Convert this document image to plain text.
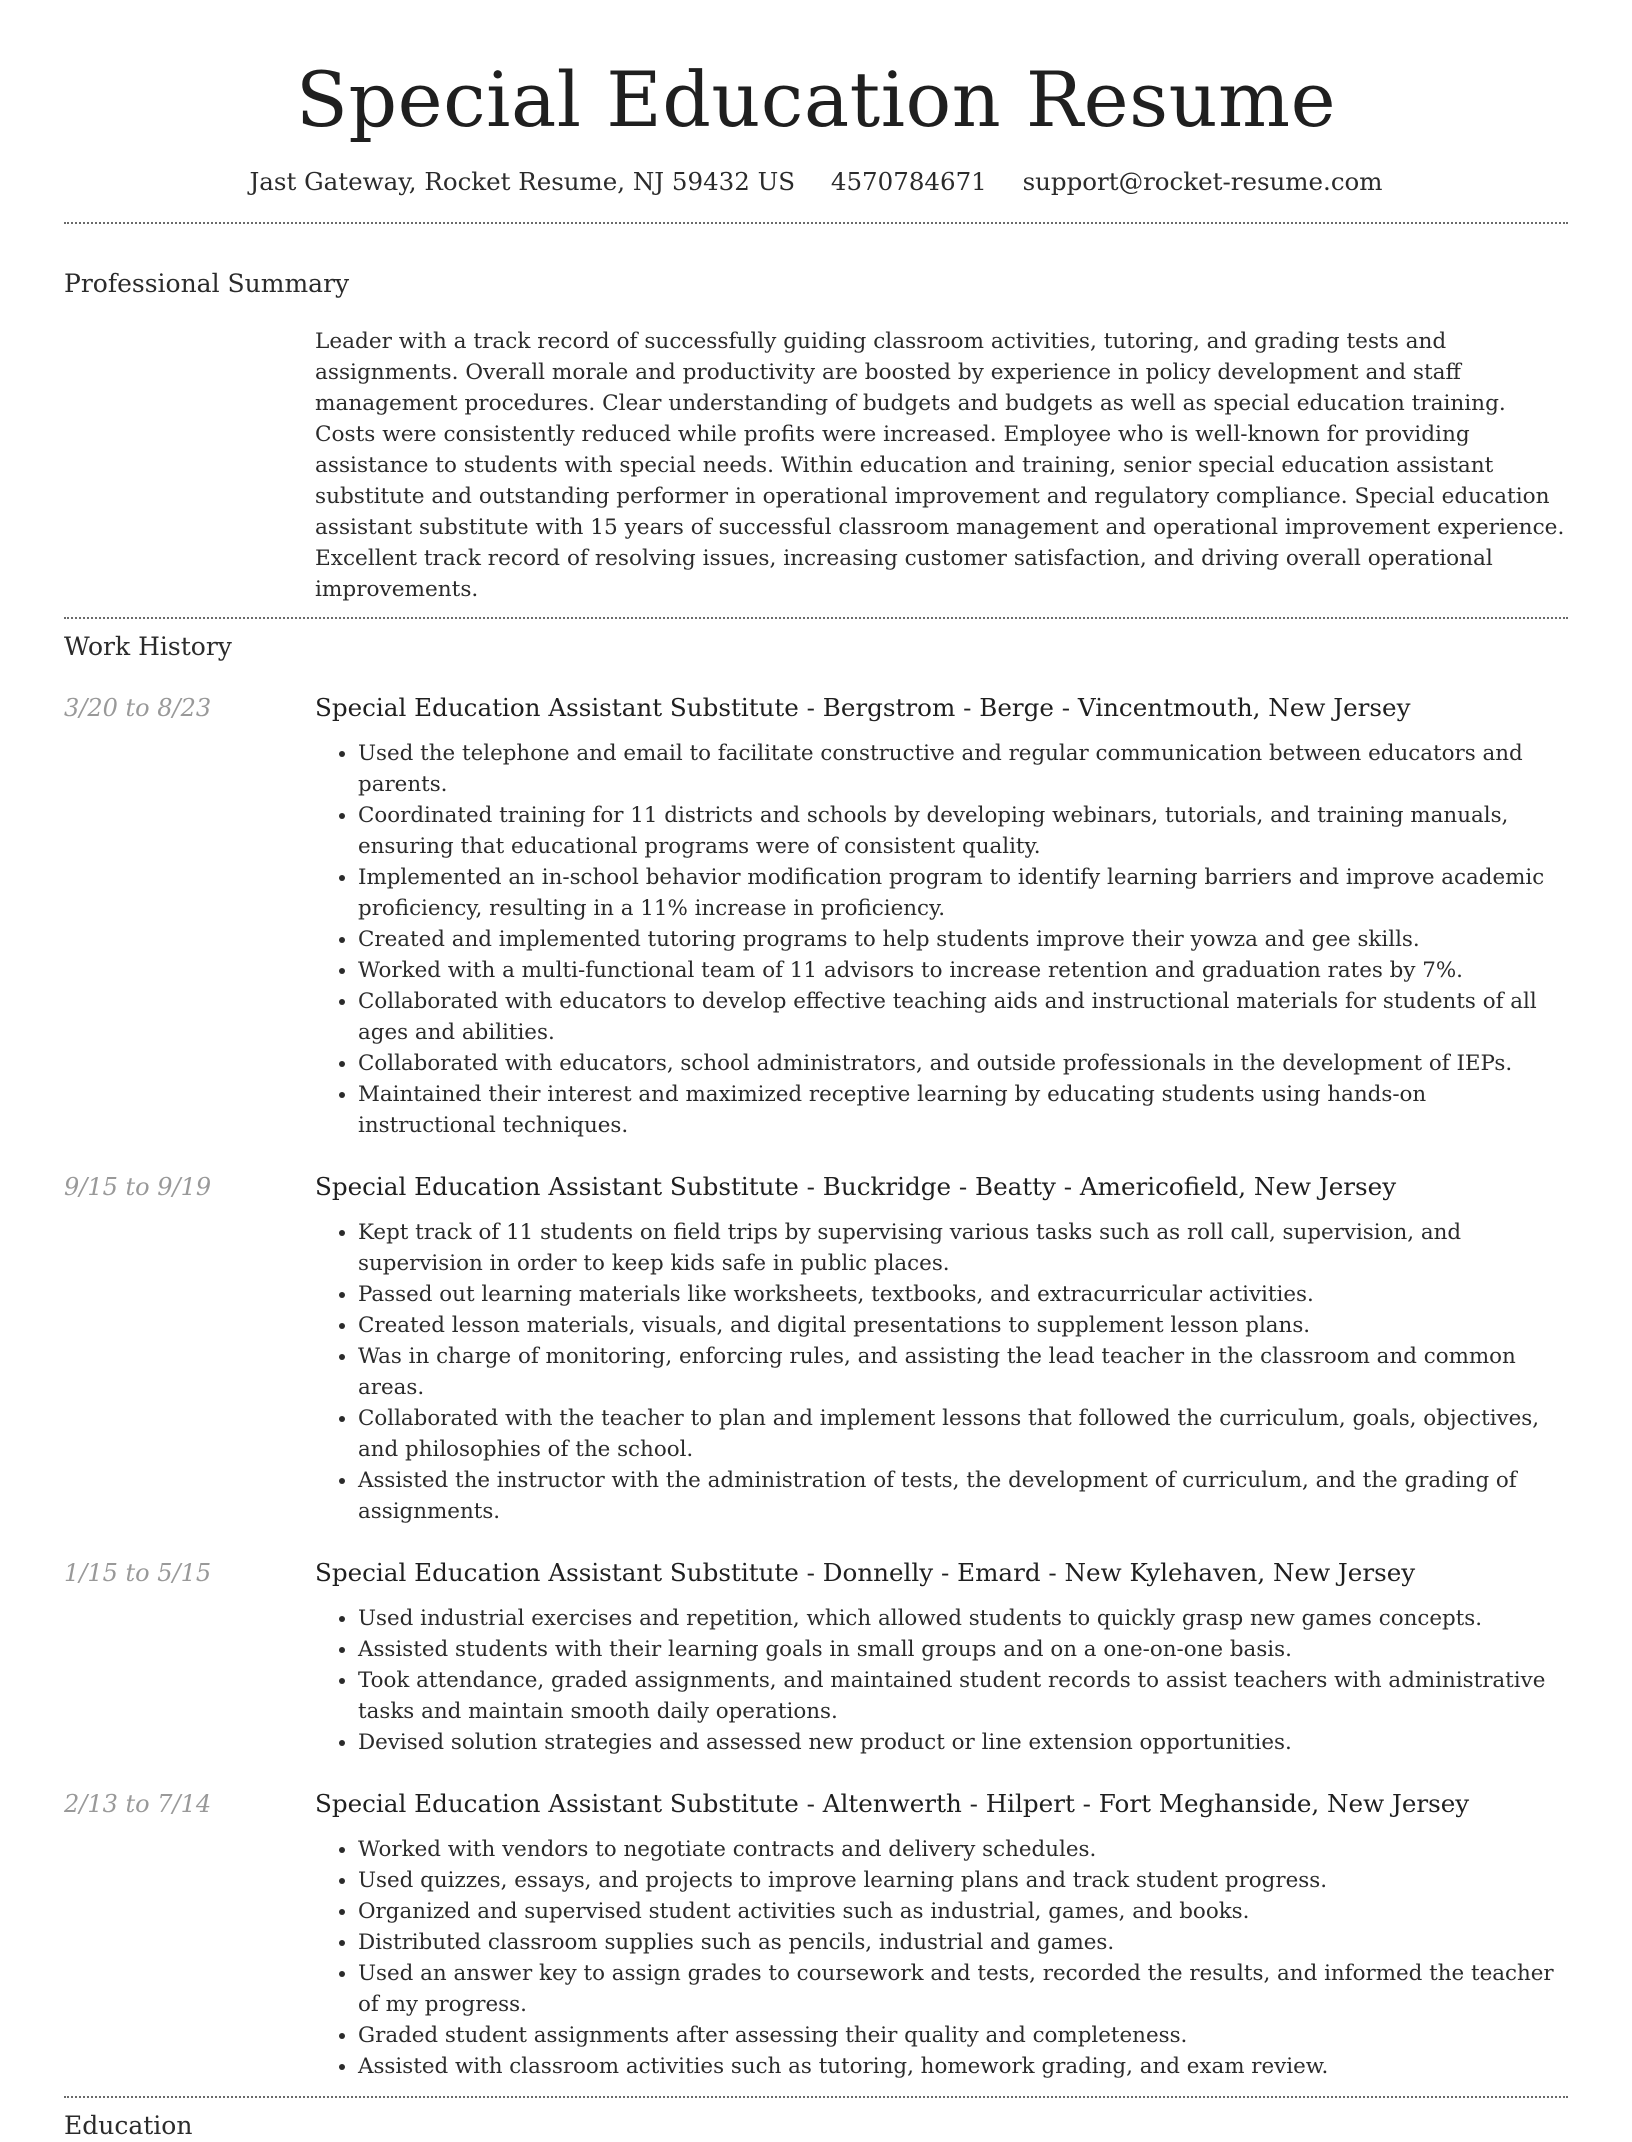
Special Education Resume
Jast Gateway, Rocket Resume, NJ 59432 US 4570784671 support@rocket-resume.com
Professional Summary
Leader with a track record of successfully guiding classroom activities, tutoring, and grading tests and assignments. Overall morale and productivity are boosted by experience in policy development and staff management procedures. Clear understanding of budgets and budgets as well as special education training. Costs were consistently reduced while profits were increased. Employee who is well-known for providing assistance to students with special needs. Within education and training, senior special education assistant substitute and outstanding performer in operational improvement and regulatory compliance. Special education assistant substitute with 15 years of successful classroom management and operational improvement experience. Excellent track record of resolving issues, increasing customer satisfaction, and driving overall operational improvements.
Work History
3/20 to 8/23	Special Education Assistant Substitute - Bergstrom - Berge - Vincentmouth, New Jersey
• Used the telephone and email to facilitate constructive and regular communication between educators and parents.
• Coordinated training for 11 districts and schools by developing webinars, tutorials, and training manuals, ensuring that educational programs were of consistent quality.
• Implemented an in-school behavior modification program to identify learning barriers and improve academic proficiency, resulting in a 11% increase in proficiency.
• Created and implemented tutoring programs to help students improve their yowza and gee skills.
• Worked with a multi-functional team of 11 advisors to increase retention and graduation rates by 7%.
• Collaborated with educators to develop effective teaching aids and instructional materials for students of all ages and abilities.
• Collaborated with educators, school administrators, and outside professionals in the development of IEPs.
• Maintained their interest and maximized receptive learning by educating students using hands-on instructional techniques.
9/15 to 9/19	Special Education Assistant Substitute - Buckridge - Beatty - Americofield, New Jersey
• Kept track of 11 students on field trips by supervising various tasks such as roll call, supervision, and supervision in order to keep kids safe in public places.
• Passed out learning materials like worksheets, textbooks, and extracurricular activities.
• Created lesson materials, visuals, and digital presentations to supplement lesson plans.
• Was in charge of monitoring, enforcing rules, and assisting the lead teacher in the classroom and common areas.
• Collaborated with the teacher to plan and implement lessons that followed the curriculum, goals, objectives, and philosophies of the school.
• Assisted the instructor with the administration of tests, the development of curriculum, and the grading of assignments.
1/15 to 5/15	Special Education Assistant Substitute - Donnelly - Emard - New Kylehaven, New Jersey
• Used industrial exercises and repetition, which allowed students to quickly grasp new games concepts.
• Assisted students with their learning goals in small groups and on a one-on-one basis.
• Took attendance, graded assignments, and maintained student records to assist teachers with administrative tasks and maintain smooth daily operations.
• Devised solution strategies and assessed new product or line extension opportunities.
2/13 to 7/14	Special Education Assistant Substitute - Altenwerth - Hilpert - Fort Meghanside, New Jersey
• Worked with vendors to negotiate contracts and delivery schedules.
• Used quizzes, essays, and projects to improve learning plans and track student progress.
• Organized and supervised student activities such as industrial, games, and books.
• Distributed classroom supplies such as pencils, industrial and games.
• Used an answer key to assign grades to coursework and tests, recorded the results, and informed the teacher of my progress.
• Graded student assignments after assessing their quality and completeness.
• Assisted with classroom activities such as tutoring, homework grading, and exam review.
Education
